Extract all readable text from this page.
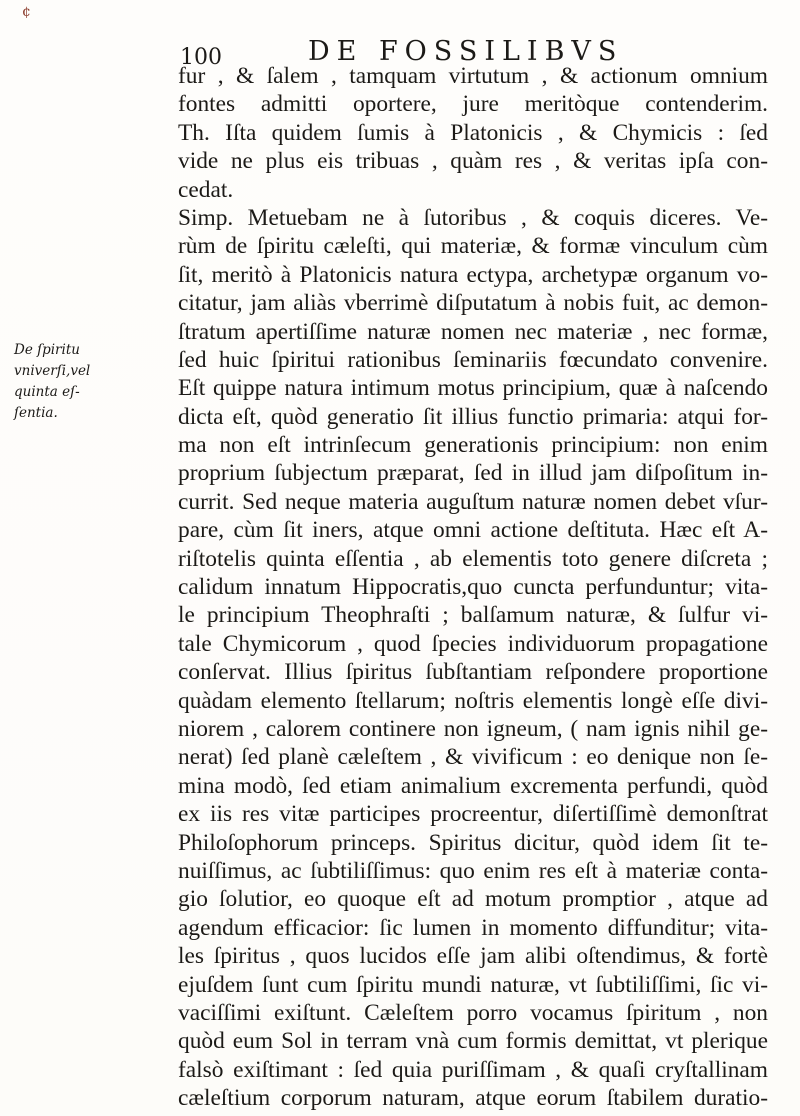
¢
100	DE FOSSILIBVS
De ſpiritu
vniverſi,vel
quinta eſ-
ſentia.
fur , & ſalem , tamquam virtutum , & actionum omnium
fontes admitti oportere, jure meritòque contenderim.
Th. Iſta quidem ſumis à Platonicis , & Chymicis : ſed
vide ne plus eis tribuas , quàm res , & veritas ipſa con-
cedat.
Simp. Metuebam ne à ſutoribus , & coquis diceres. Ve-
rùm de ſpiritu cæleſti, qui materiæ, & formæ vinculum cùm
ſit, meritò à Platonicis natura ectypa, archetypæ organum vo-
citatur, jam aliàs vberrimè diſputatum à nobis fuit, ac demon-
ſtratum apertiſſime naturæ nomen nec materiæ , nec formæ,
ſed huic ſpiritui rationibus ſeminariis fœcundato convenire.
Eſt quippe natura intimum motus principium, quæ à naſcendo
dicta eſt, quòd generatio ſit illius functio primaria: atqui for-
ma non eſt intrinſecum generationis principium: non enim
proprium ſubjectum præparat, ſed in illud jam diſpoſitum in-
currit. Sed neque materia auguſtum naturæ nomen debet vſur-
pare, cùm ſit iners, atque omni actione deſtituta. Hæc eſt A-
riſtotelis quinta eſſentia , ab elementis toto genere diſcreta ;
calidum innatum Hippocratis,quo cuncta perfunduntur; vita-
le principium Theophraſti ; balſamum naturæ, & ſulfur vi-
tale Chymicorum , quod ſpecies individuorum propagatione
conſervat. Illius ſpiritus ſubſtantiam reſpondere proportione
quàdam elemento ſtellarum; noſtris elementis longè eſſe divi-
niorem , calorem continere non igneum, ( nam ignis nihil ge-
nerat) ſed planè cæleſtem , & vivificum : eo denique non ſe-
mina modò, ſed etiam animalium excrementa perfundi, quòd
ex iis res vitæ participes procreentur, diſertiſſimè demonſtrat
Philoſophorum princeps. Spiritus dicitur, quòd idem ſit te-
nuiſſimus, ac ſubtiliſſimus: quo enim res eſt à materiæ conta-
gio ſolutior, eo quoque eſt ad motum promptior , atque ad
agendum efficacior: ſic lumen in momento diffunditur; vita-
les ſpiritus , quos lucidos eſſe jam alibi oſtendimus, & fortè
ejuſdem ſunt cum ſpiritu mundi naturæ, vt ſubtiliſſimi, ſic vi-
vaciſſimi exiſtunt. Cæleſtem porro vocamus ſpiritum , non
quòd eum Sol in terram vnà cum formis demittat, vt plerique
falsò exiſtimant : ſed quia puriſſimam , & quaſi cryſtallinam
cæleſtium corporum naturam, atque eorum ſtabilem duratio-
